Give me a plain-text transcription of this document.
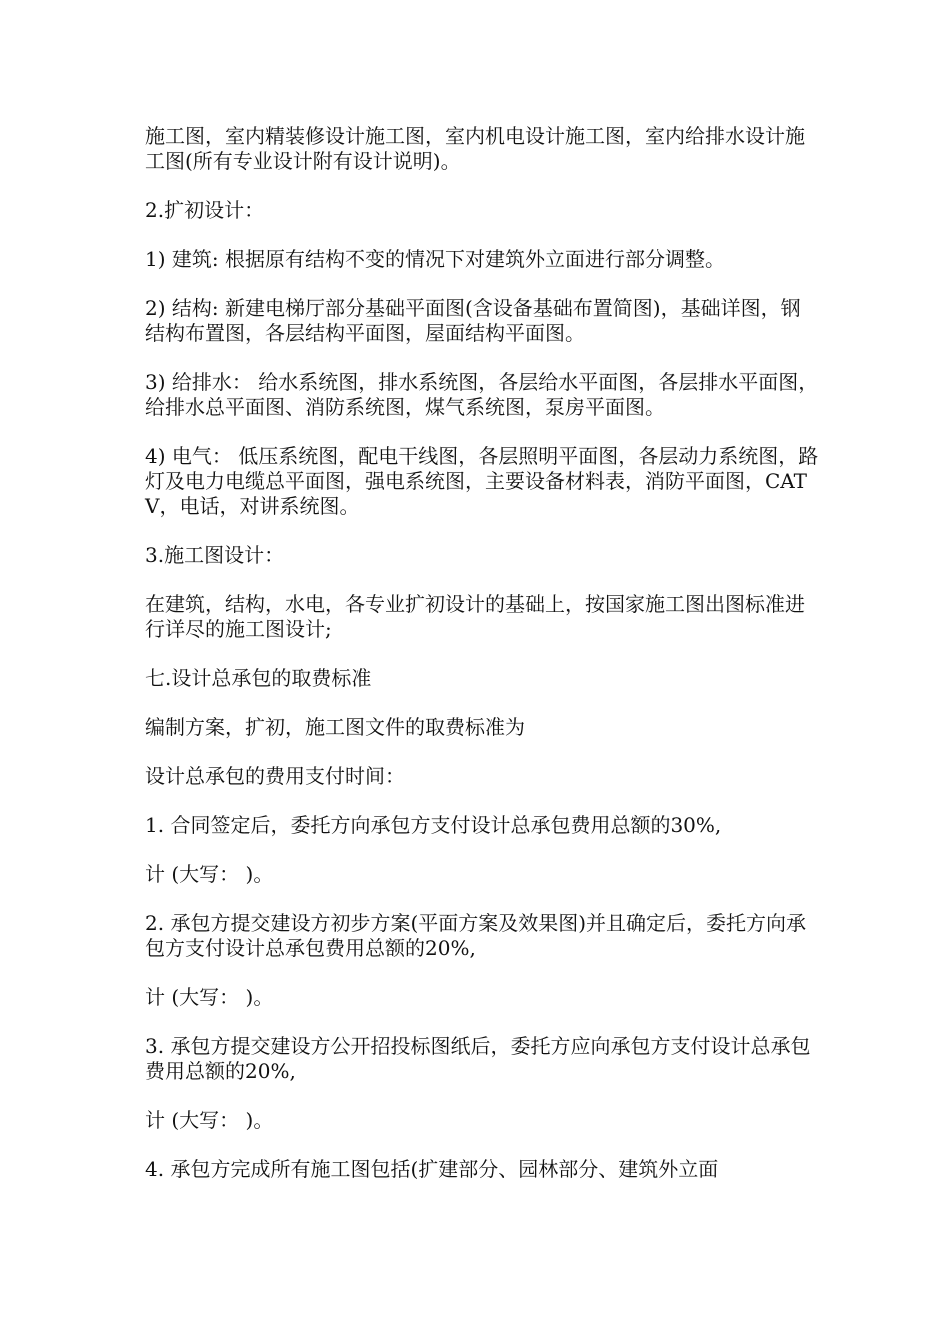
施工图，室内精装修设计施工图，室内机电设计施工图，室内给排水设计施工图(所有专业设计附有设计说明)。

2.扩初设计：

1) 建筑: 根据原有结构不变的情况下对建筑外立面进行部分调整。

2) 结构: 新建电梯厅部分基础平面图(含设备基础布置简图)，基础详图，钢结构布置图，各层结构平面图，屋面结构平面图。

3) 给排水： 给水系统图，排水系统图，各层给水平面图，各层排水平面图，给排水总平面图、消防系统图，煤气系统图，泵房平面图。

4) 电气： 低压系统图，配电干线图，各层照明平面图，各层动力系统图，路灯及电力电缆总平面图，强电系统图，主要设备材料表，消防平面图，CATV，电话，对讲系统图。

3.施工图设计：

在建筑，结构，水电，各专业扩初设计的基础上，按国家施工图出图标准进行详尽的施工图设计;

七.设计总承包的取费标准

编制方案，扩初，施工图文件的取费标准为

设计总承包的费用支付时间：

1. 合同签定后，委托方向承包方支付设计总承包费用总额的30%,

计 (大写： )。

2. 承包方提交建设方初步方案(平面方案及效果图)并且确定后，委托方向承包方支付设计总承包费用总额的20%,

计 (大写： )。

3. 承包方提交建设方公开招投标图纸后，委托方应向承包方支付设计总承包费用总额的20%,

计 (大写： )。

4. 承包方完成所有施工图包括(扩建部分、园林部分、建筑外立面
